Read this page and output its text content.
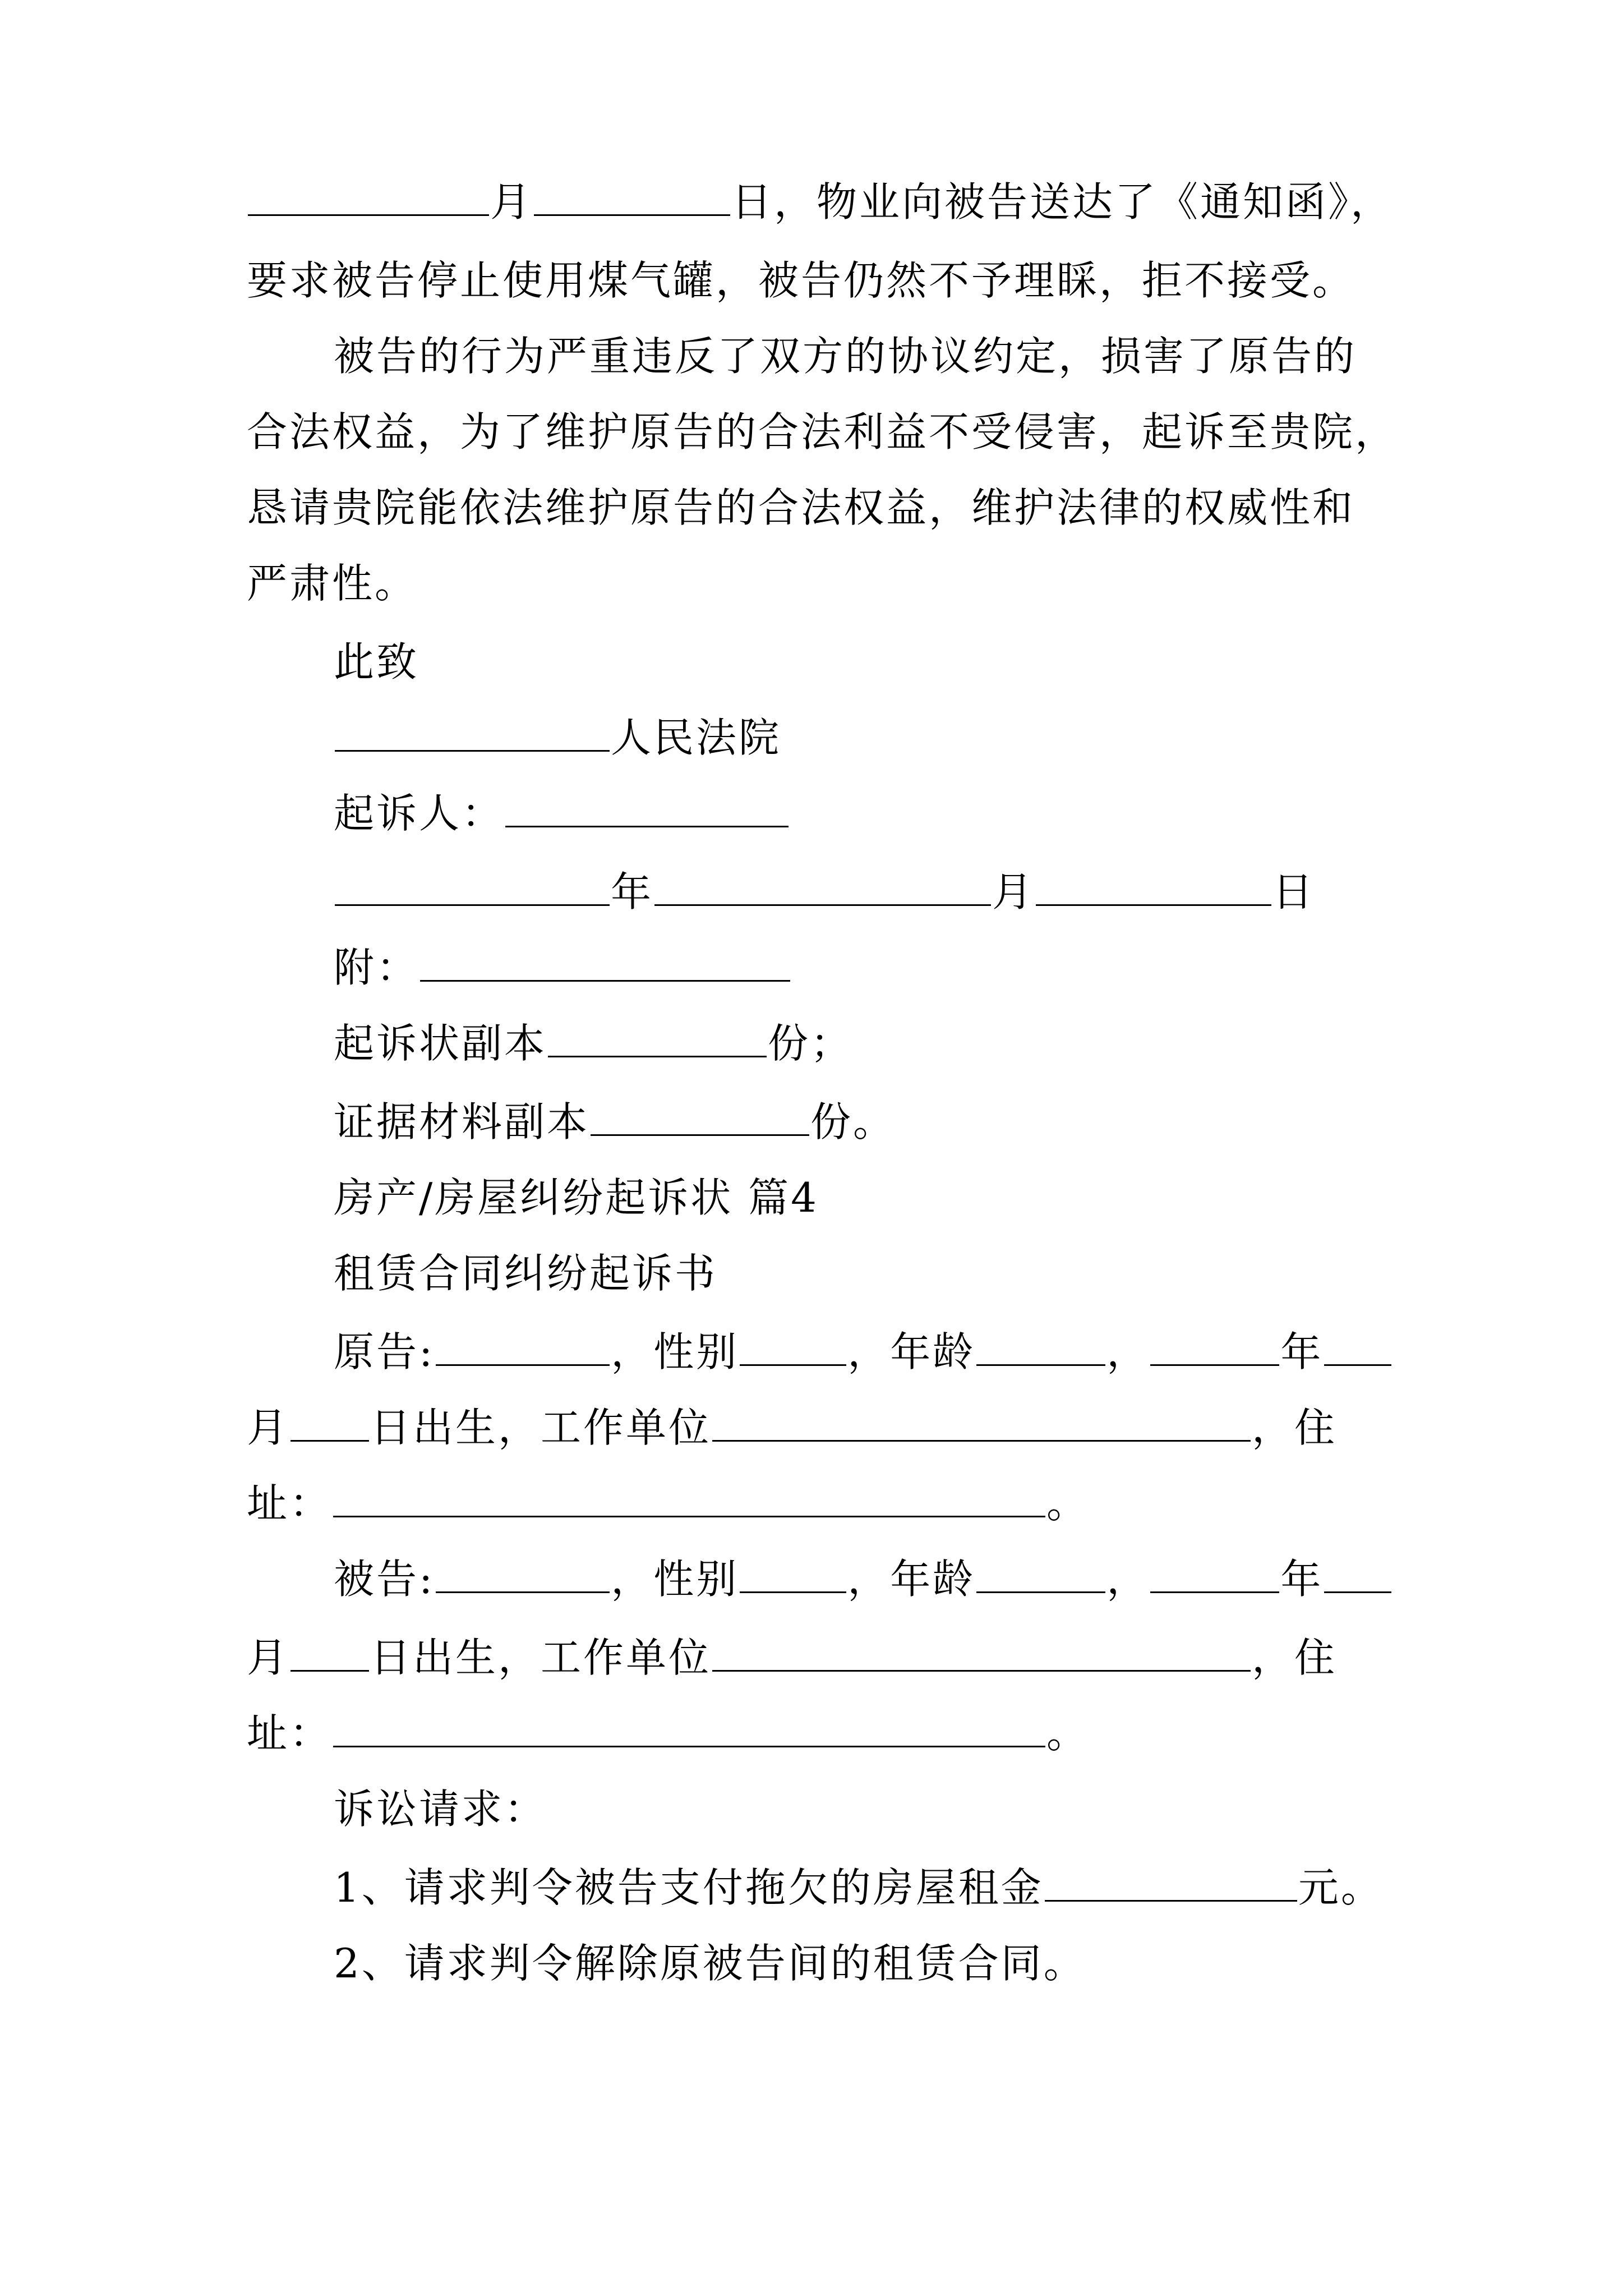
月	日，物业向被告送达了《通知函》，
要求被告停止使用煤气罐，被告仍然不予理睬，拒不接受。
被告的行为严重违反了双方的协议约定，损害了原告的
合法权益，为了维护原告的合法利益不受侵害，起诉至贵院，
恳请贵院能依法维护原告的合法权益，维护法律的权威性和
严肃性。
此致
人民法院
起诉人：
年	月	日
附：
起诉状副本	份；
证据材料副本	份。
房产/房屋纠纷起诉状 篇4
租赁合同纠纷起诉书
原告:	，性别	，年龄	，	年
月 日出生，工作单位	，住
址：	。
被告:	，性别	，年龄	，	年
月 日出生，工作单位	，住
址：	。
诉讼请求：
1、请求判令被告支付拖欠的房屋租金	元。
2、请求判令解除原被告间的租赁合同。
